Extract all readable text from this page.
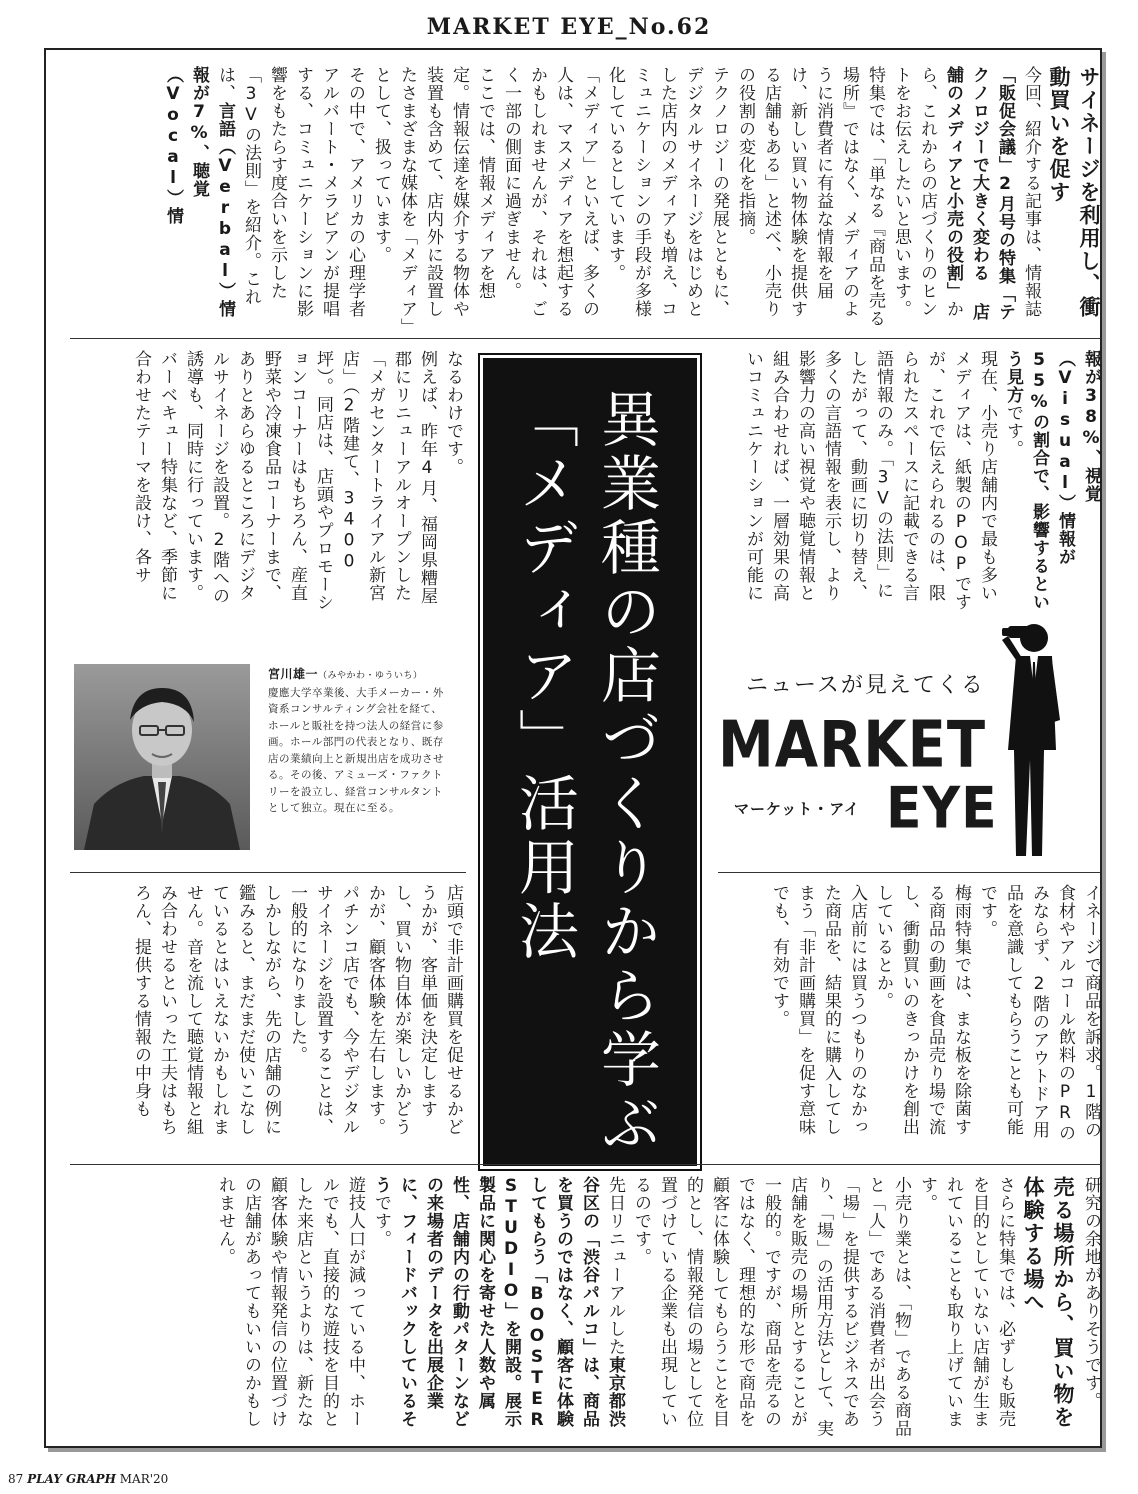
MARKET EYE_No.62
サイネージを利用し、衝動買いを促す
今回、紹介する記事は、情報誌「販促会議」2月号の特集「テクノロジーで大きく変わる 店舗のメディアと小売の役割」から、これからの店づくりのヒントをお伝えしたいと思います。
特集では、「単なる『商品を売る場所』ではなく、メディアのように消費者に有益な情報を届け、新しい買い物体験を提供する店舗もある」と述べ、小売りの役割の変化を指摘。
テクノロジーの発展とともに、デジタルサイネージをはじめとした店内のメディアも増え、コミュニケーションの手段が多様化しているとしています。
「メディア」といえば、多くの人は、マスメディアを想起するかもしれませんが、それは、ごく一部の側面に過ぎません。
ここでは、情報メディアを想定。情報伝達を媒介する物体や装置も含めて、店内外に設置したさまざまな媒体を「メディア」として、扱っています。
その中で、アメリカの心理学者アルバート・メラビアンが提唱する、コミュニケーションに影響をもたらす度合いを示した「3Vの法則」を紹介。これは、言語（Verbal）情報が7%、聴覚（Vocal）情
報が38%、視覚（Visual）情報が55%の割合で、影響するという見方です。
現在、小売り店舗内で最も多いメディアは、紙製のPOPですが、これで伝えられるのは、限られたスペースに記載できる言語情報のみ。「3Vの法則」にしたがって、動画に切り替え、多くの言語情報を表示し、より影響力の高い視覚や聴覚情報と組み合わせれば、一層効果の高いコミュニケーションが可能に
なるわけです。
例えば、昨年4月、福岡県糟屋郡にリニューアルオープンした「メガセンタートライアル新宮店」（2階建て、3400坪）。同店は、店頭やプロモーションコーナーはもちろん、産直野菜や冷凍食品コーナーまで、ありとあらゆるところにデジタルサイネージを設置。2階への誘導も、同時に行っています。
バーベキュー特集など、季節に合わせたテーマを設け、各サ	異業種の店づくりから学ぶ「メディア」活用法
宮川雄一（みやかわ・ゆういち）
慶應大学卒業後、大手メーカー・外資系コンサルティング会社を経て、ホールと販社を持つ法人の経営に参画。ホール部門の代表となり、既存店の業績向上と新規出店を成功させる。その後、アミューズ・ファクトリーを設立し、経営コンサルタントとして独立。現在に至る。
ニュースが見えてくる
MARKET
マーケット・アイ EYE
イネージで商品を訴求。1階の食材やアルコール飲料のPRのみならず、2階のアウトドア用品を意識してもらうことも可能です。
梅雨特集では、まな板を除菌する商品の動画を食品売り場で流し、衝動買いのきっかけを創出しているとか。
入店前には買うつもりのなかった商品を、結果的に購入してしまう「非計画購買」を促す意味でも、有効です。
店頭で非計画購買を促せるかどうかが、客単価を決定しますし、買い物自体が楽しいかどうかが、顧客体験を左右します。
パチンコ店でも、今やデジタルサイネージを設置することは、一般的になりました。
しかしながら、先の店舗の例に鑑みると、まだまだ使いこなしているとはいえないかもしれません。音を流して聴覚情報と組み合わせるといった工夫はもちろん、提供する情報の中身も
研究の余地がありそうです。
売る場所から、買い物を体験する場へ
さらに特集では、必ずしも販売を目的としていない店舗が生まれていることも取り上げています。
小売り業とは、「物」である商品と「人」である消費者が出会う「場」を提供するビジネスであり、「場」の活用方法として、実店舗を販売の場所とすることが一般的。ですが、商品を売るのではなく、理想的な形で商品を顧客に体験してもらうことを目的とし、情報発信の場として位置づけている企業も出現しているのです。
先日リニューアルした東京都渋谷区の「渋谷パルコ」は、商品を買うのではなく、顧客に体験してもらう「BOOSTER STUDIO」を開設。展示製品に関心を寄せた人数や属性、店舗内の行動パターンなどの来場者のデータを出展企業に、フィードバックしているそうです。
遊技人口が減っている中、ホールでも、直接的な遊技を目的とした来店というよりは、新たな顧客体験や情報発信の位置づけの店舗があってもいいのかもしれません。
87 PLAY GRAPH MAR'20
